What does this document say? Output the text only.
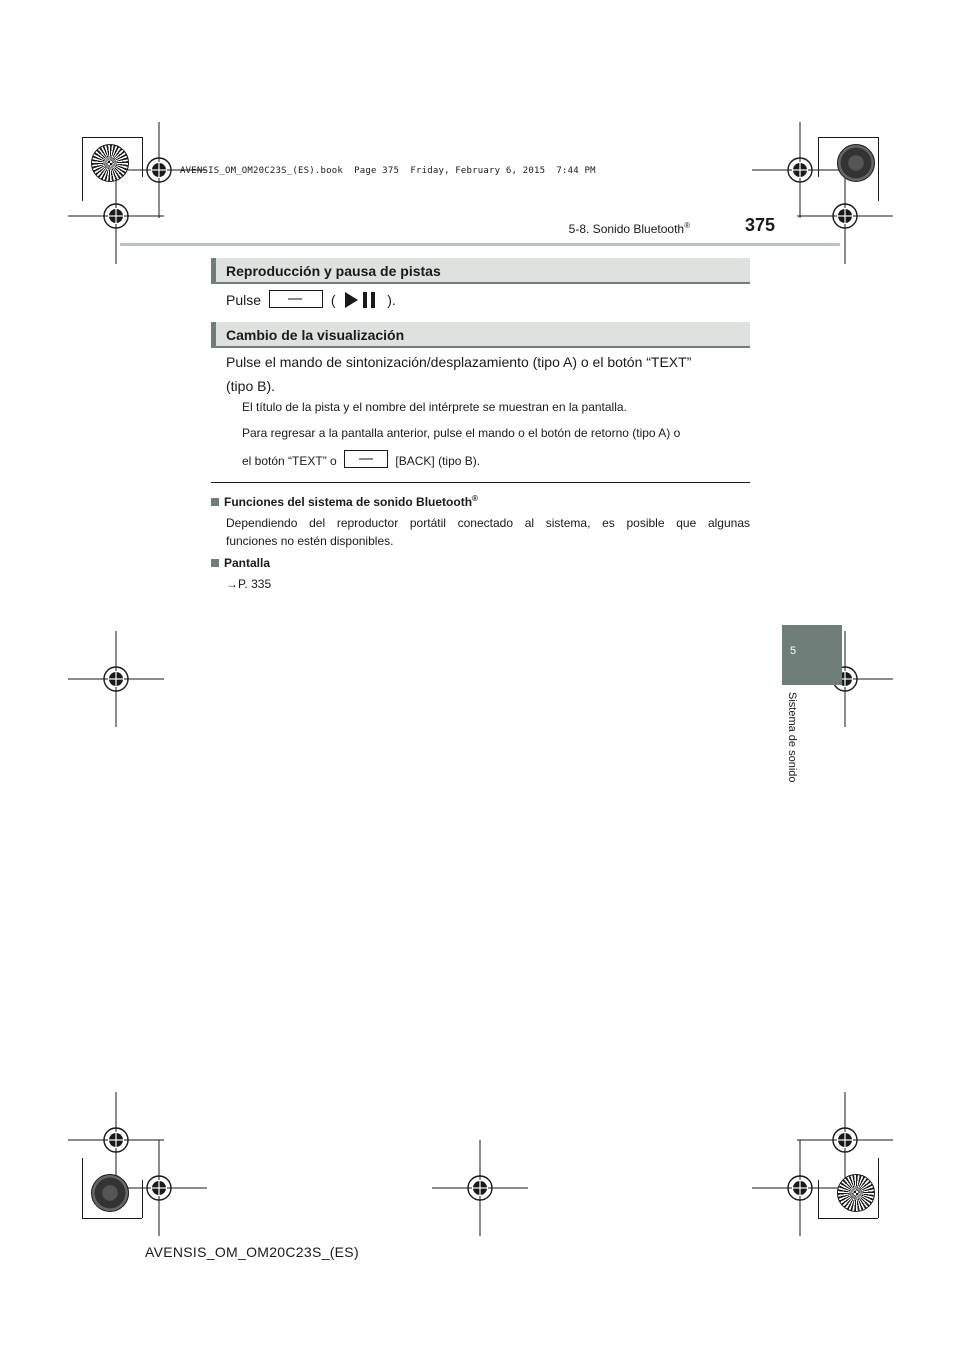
AVENSIS_OM_OM20C23S_(ES).book  Page 375  Friday, February 6, 2015  7:44 PM
5-8. Sonido Bluetooth®	375
5
Sistema de sonido
Reproducción y pausa de pistas
Pulse	(	).
Cambio de la visualización
Pulse el mando de sintonización/desplazamiento (tipo A) o el botón “TEXT”
(tipo B).
El título de la pista y el nombre del intérprete se muestran en la pantalla.
Para regresar a la pantalla anterior, pulse el mando o el botón de retorno (tipo A) o
el botón “TEXT” o	[BACK] (tipo B).
Funciones del sistema de sonido Bluetooth®
Dependiendo del reproductor portátil conectado al sistema, es posible que algunas
funciones no estén disponibles.
Pantalla
→P. 335
AVENSIS_OM_OM20C23S_(ES)
